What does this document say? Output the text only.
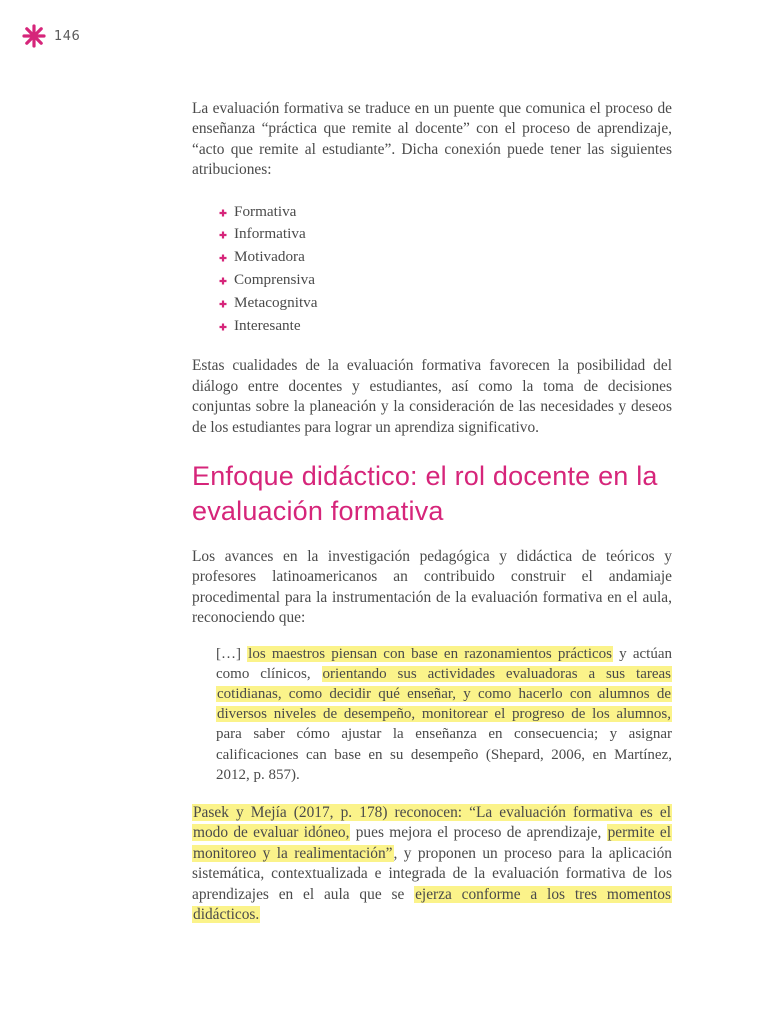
146

La evaluación formativa se traduce en un puente que comunica el proceso de enseñanza “práctica que remite al docente” con el proceso de aprendizaje, “acto que remite al estudiante”. Dicha conexión puede tener las siguientes atribuciones:

Formativa
Informativa
Motivadora
Comprensiva
Metacognitva
Interesante

Estas cualidades de la evaluación formativa favorecen la posibilidad del diálogo entre docentes y estudiantes, así como la toma de decisiones conjuntas sobre la planeación y la consideración de las necesidades y deseos de los estudiantes para lograr un aprendiza significativo.

Enfoque didáctico: el rol docente en la evaluación formativa

Los avances en la investigación pedagógica y didáctica de teóricos y profesores latinoamericanos an contribuido construir el andamiaje procedimental para la instrumentación de la evaluación formativa en el aula, reconociendo que:

[…] los maestros piensan con base en razonamientos prácticos y actúan como clínicos, orientando sus actividades evaluadoras a sus tareas cotidianas, como decidir qué enseñar, y como hacerlo con alumnos de diversos niveles de desempeño, monitorear el progreso de los alumnos, para saber cómo ajustar la enseñanza en consecuencia; y asignar calificaciones can base en su desempeño (Shepard, 2006, en Martínez, 2012, p. 857).

Pasek y Mejía (2017, p. 178) reconocen: “La evaluación formativa es el modo de evaluar idóneo, pues mejora el proceso de aprendizaje, permite el monitoreo y la realimentación”, y proponen un proceso para la aplicación sistemática, contextualizada e integrada de la evaluación formativa de los aprendizajes en el aula que se ejerza conforme a los tres momentos didácticos.
